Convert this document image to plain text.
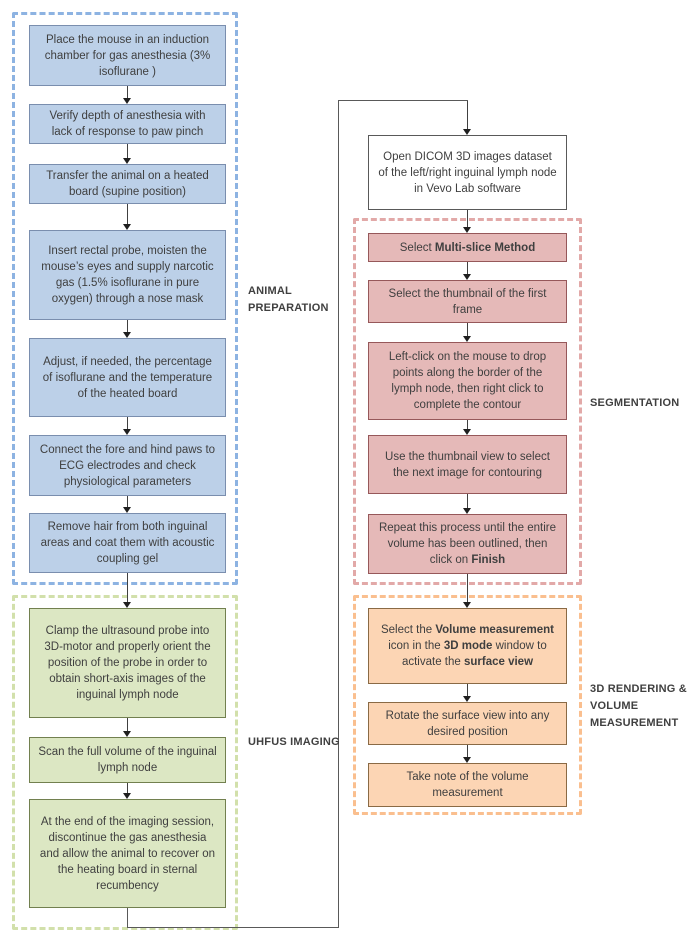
ANIMAL PREPARATION
UHFUS IMAGING
SEGMENTATION
3D RENDERING & VOLUME MEASUREMENT
Place the mouse in an induction chamber for gas anesthesia (3% isoflurane )
Verify depth of anesthesia with lack of response to paw pinch
Transfer the animal on a heated board (supine position)
Insert rectal probe, moisten the mouse’s eyes and supply narcotic gas (1.5% isoflurane in pure oxygen) through a nose mask
Adjust, if needed, the percentage of isoflurane and the temperature of the heated board
Connect the fore and hind paws to ECG electrodes and check physiological parameters
Remove hair from both inguinal areas and coat them with acoustic coupling gel
Clamp the ultrasound probe into 3D-motor and properly orient the position of the probe in order to obtain short-axis images of the inguinal lymph node
Scan the full volume of the inguinal lymph node
At the end of the imaging session, discontinue the gas anesthesia and allow the animal to recover on the heating board in sternal recumbency
Open DICOM 3D images dataset of the left/right inguinal lymph node in Vevo Lab software
Select Multi-slice Method
Select the thumbnail of the first frame
Left-click on the mouse to drop points along the border of the lymph node, then right click to complete the contour
Use the thumbnail view to select the next image for contouring
Repeat this process until the entire volume has been outlined, then click on Finish
Select the Volume measurement icon in the 3D mode window to activate the surface view
Rotate the surface view into any desired position
Take note of the volume measurement
